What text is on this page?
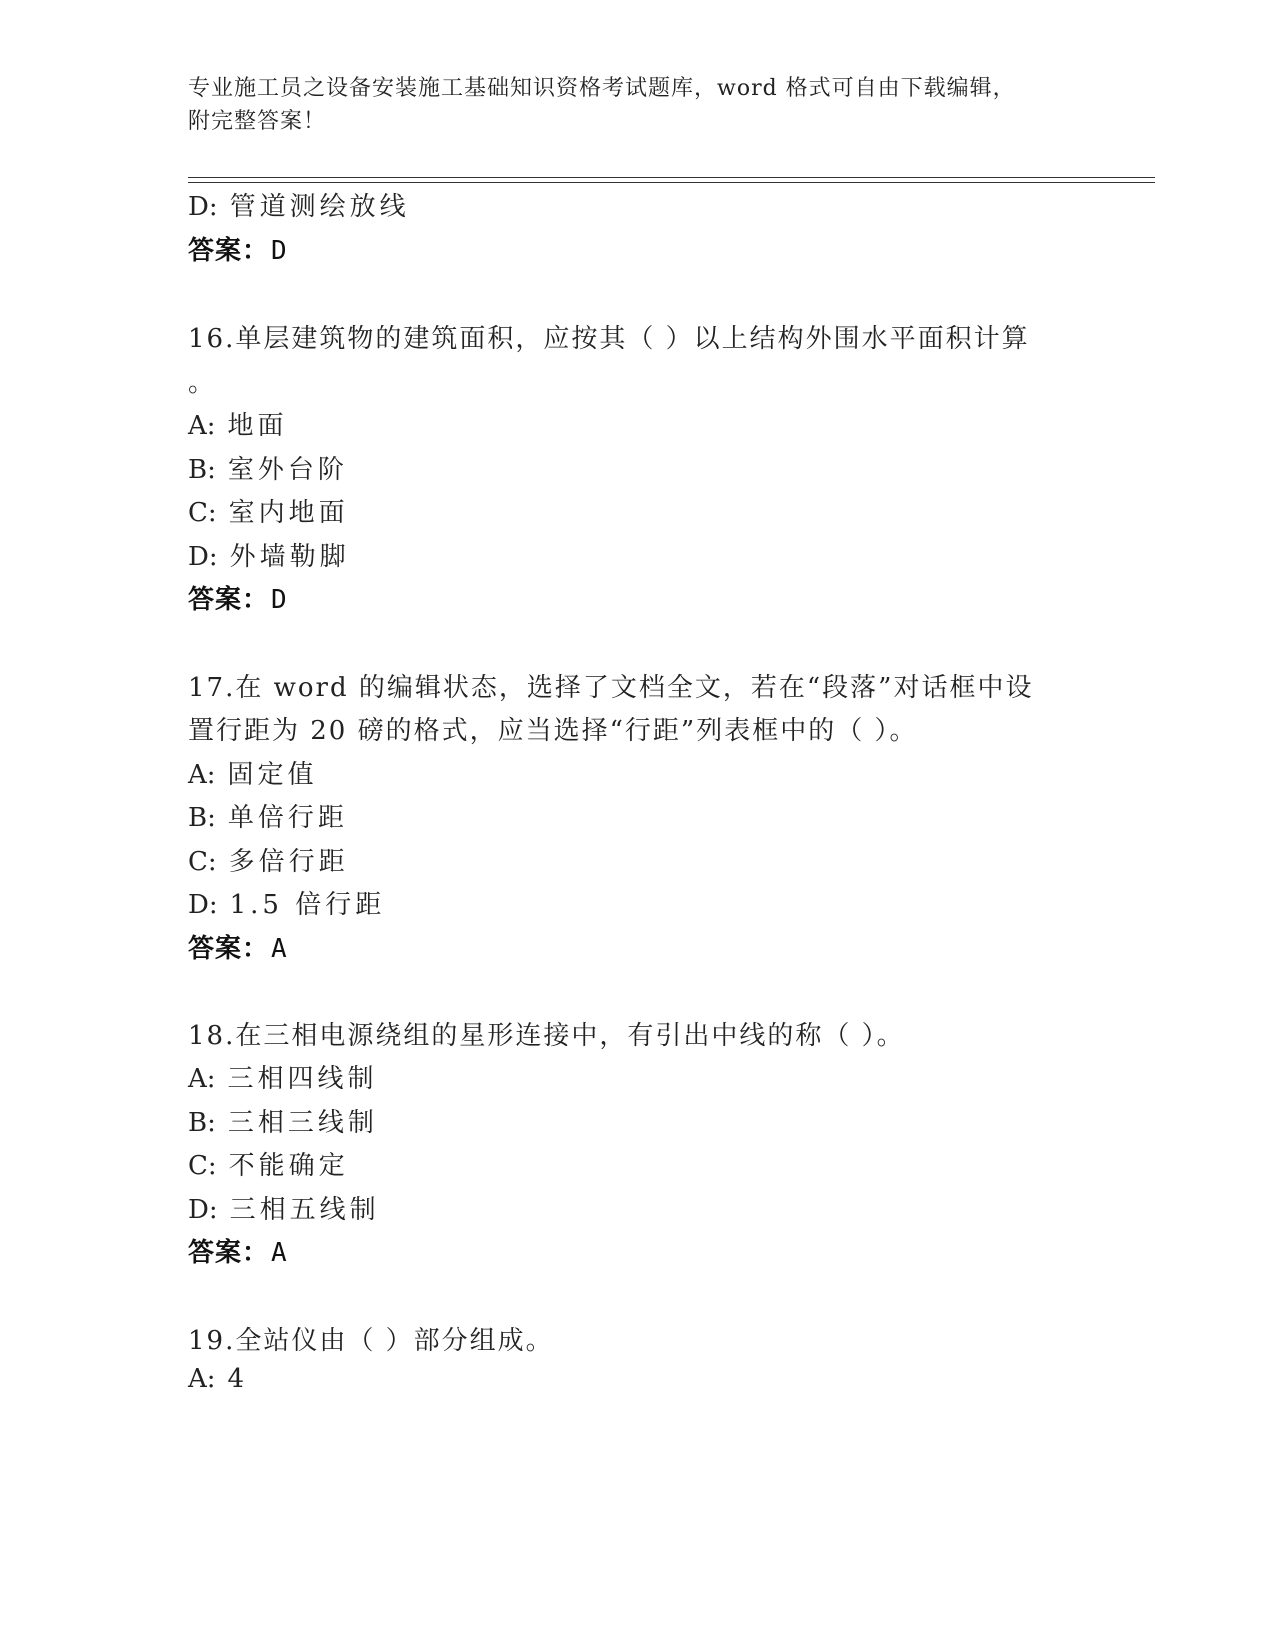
专业施工员之设备安装施工基础知识资格考试题库，word 格式可自由下载编辑，
附完整答案！
D: 管道测绘放线
答案：D
16.单层建筑物的建筑面积，应按其（ ）以上结构外围水平面积计算
。
A: 地面
B: 室外台阶
C: 室内地面
D: 外墙勒脚
答案：D
17.在 word 的编辑状态，选择了文档全文，若在“段落”对话框中设
置行距为 20 磅的格式，应当选择“行距”列表框中的（ ）。
A: 固定值
B: 单倍行距
C: 多倍行距
D: 1.5 倍行距
答案：A
18.在三相电源绕组的星形连接中，有引出中线的称（ ）。
A: 三相四线制
B: 三相三线制
C: 不能确定
D: 三相五线制
答案：A
19.全站仪由（ ）部分组成。
A: 4
